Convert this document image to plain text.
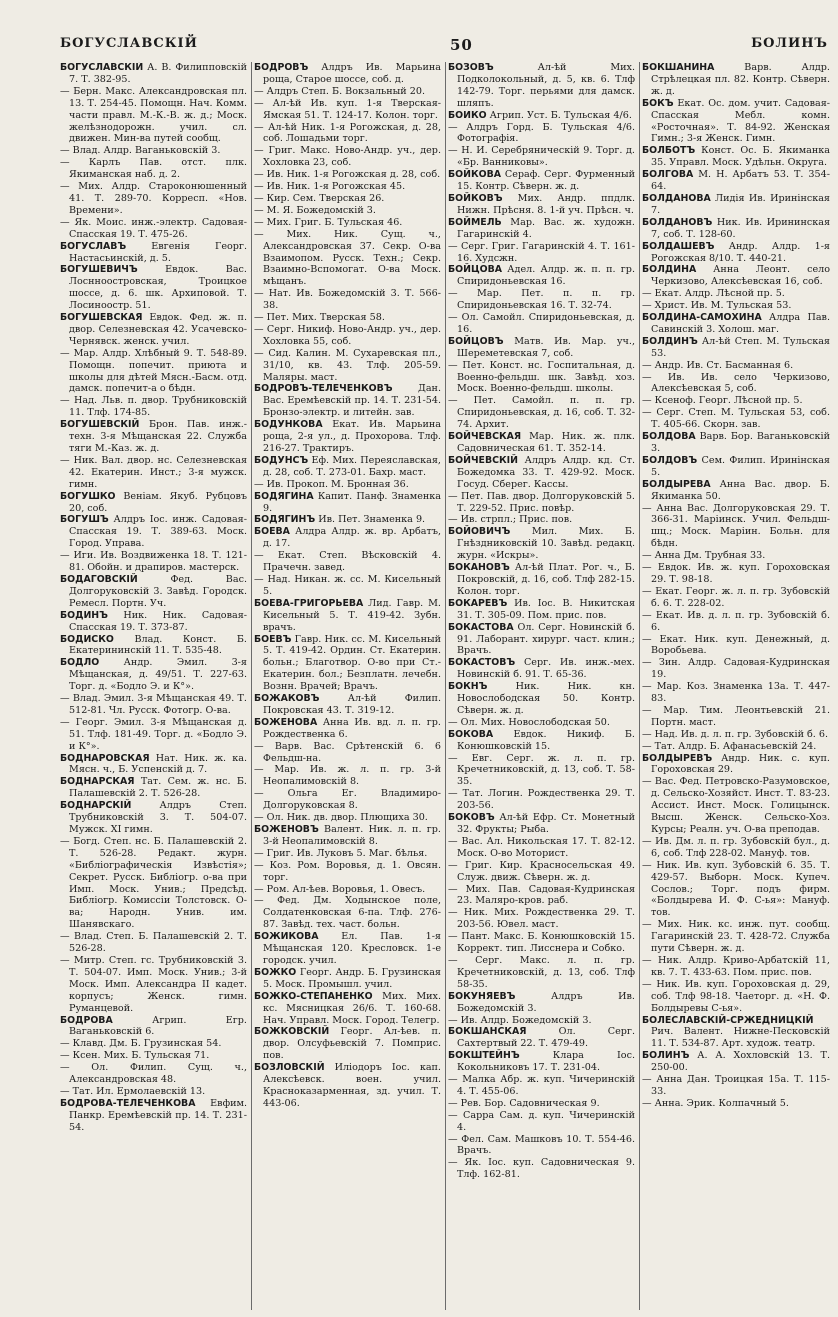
БОГУСЛАВСКІЙ	50	БОЛИНЪ

БОГУСЛАВСКІЙ А. В. Филипповскій 7. Т. 382-95.

— Берн. Макс. Александровская пл. 13. Т. 254-45. Помощн. Нач. Комм. части правл. М.-К.-В. ж. д.; Моск. желѣзнодорожн. учил. сл. движен. Мин-ва путей сообщ.

— Влад. Алдр. Ваганьковскій 3.

— Карлъ Пав. отст. плк. Якиманская наб. д. 2.

— Мих. Алдр. Староконюшенный 41. Т. 289-70. Корресп. «Нов. Времени».

— Як. Моис. инж.-электр. Садовая-Спасская 19. Т. 475-26.

БОГУСЛАВЪ	Евгенія Георг. Настасьинскій, д. 5.

БОГУШЕВИЧЪ	Евдок. Вас. Лоснноостровская, Троицкое шоссе, д. 6. шк. Архиповой. Т. Лосиноостр. 51.

БОГУШЕВСКАЯ Евдок. Фед. ж. п. двор. Селезневская 42. Усачевско-Чернявск. женск. учил.

— Мар. Алдр. Хлѣбный 9. Т. 548-89. Помощн. попечит. приюта и школы для дѣтей Мясн.-Басм. отд. дамск. попечит-а о бѣдн.

— Над. Льв. п. двор. Трубниковскій 11. Тлф. 174-85.

БОГУШЕВСКІЙ Брон. Пав. инж.-техн. 3-я Мѣщанская 22. Служба тяги М.-Каз. ж. д.

— Ник. Вал. двор. нс. Селезневская 42. Екатерин. Инст.; 3-я мужск. гимн.

БОГУШКО Веніам. Якуб. Рубцовъ 20, соб.

БОГУШЪ Алдръ Іос. инж. Садовая-Спасская 19. Т. 389-63. Моск. Город. Управа.

— Иги. Ив. Воздвиженка 18. Т. 121-81. Обойн. и драпиров. мастерск.

БОДАГОВСКІЙ	Фед. Вас. Долгоруковскій 3. Завѣд. Городск. Ремесл. Портн. Уч.

БОДИНЪ Ник. Ник. Садовая-Спасская 19. Т. 373-87.

БОДИСКО Влад. Конст. Б. Екатерининскій 11. Т. 535-48.

БОДЛО	Андр. Эмил. 3-я Мѣщанская, д. 49/51. Т. 227-63. Торг. д. «Бодло Э. и К°».

— Влад. Эмил. 3-я Мѣщанская 49. Т. 512-81. Чл. Русск. Фотогр. О-ва.

— Георг. Эмил. 3-я Мѣщанская д. 51. Тлф. 181-49. Торг. д. «Бодло Э. и К°».

БОДНАРОВСКАЯ Нат. Ник. ж. ка. Мясн. ч., Б. Успенскій д. 7.

БОДНАРСКАЯ Тат. Сем. ж. нс. Б. Палашевскій 2. Т. 526-28.

БОДНАРСКІЙ	Алдръ Степ. Трубниковскій 3. Т. 504-07. Мужск. XI гимн.

— Богд. Степ. нс. Б. Палашевскій 2. Т. 526-28. Редакт. журн. «Библіографическія Извѣстія»; Секрет. Русск. Библіогр. о-ва при Имп. Моск. Унив.; Предсѣд. Библіогр. Комиссіи Толстовск. О-ва; Народн. Унив. им. Шанявскаго.

— Влад. Степ. Б. Палашевскій 2. Т. 526-28.

— Митр. Степ. гс. Трубниковскій 3. Т. 504-07. Имп. Моск. Унив.; 3-й Моск. Имп. Александра II кадет. корпусъ; Женск. гимн. Руманцевой.

БОДРОВА	Агрип. Егр. Ваганьковскій 6.

— Клавд. Дм. Б. Грузинская 54.

— Ксен. Мих. Б. Тульская 71.

— Ол. Филип. Сущ. ч., Александровская 48.

— Тат. Ил. Ермолаевскій 13.

БОДРОВА-ТЕЛЕЧЕНКОВА Евфим. Панкр. Еремѣевскій пр. 14. Т. 231-54.

БОДРОВЪ Алдръ Ив. Марьина роща, Старое шоссе, соб. д.

— Алдръ Степ. Б. Вокзальный 20.

— Ал-ѣй Ив. куп. 1-я Тверская-Ямская 51. Т. 124-17. Колон. торг.

— Ал-ѣй Ник. 1-я Рогожская, д. 28, соб. Лошадьми торг.

— Григ. Макс. Ново-Андр. уч., дер. Хохловка 23, соб.

— Ив. Ник. 1-я Рогожская д. 28, соб.

— Ив. Ник. 1-я Рогожская 45.

— Кир. Сем. Тверская 26.

— М. Я. Божедомскій 3.

— Мих. Григ. Б. Тульская 46.

— Мих. Ник. Сущ. ч., Александровская 37. Секр. О-ва Взаимопом. Русск. Техн.; Секр. Взаимно-Вспомогат. О-ва Моск. мѣщанъ.

— Нат. Ив. Божедомскій 3. Т. 566-38.

— Пет. Мих. Тверская 58.

— Серг. Никиф. Ново-Андр. уч., дер. Хохловка 55, соб.

— Сид. Калин. М. Сухаревская пл., 31/10, кв. 43. Тлф. 205-59. Маляры. маст.

БОДРОВЪ-ТЕЛЕЧЕНКОВЪ	Дан. Вас. Еремѣевскій пр. 14. Т. 231-54. Бронзо-электр. и литейн. зав.

БОДУНКОВА Екат. Ив. Марьина роща, 2-я ул., д. Прохорова. Тлф. 216-27. Трактиръ.

БОДУНСЪ Еф. Мих. Переяславская, д. 28, соб. Т. 273-01. Бахр. маст.

— Ив. Прокоп. М. Бронная 36.

БОДЯГИНА Капит. Панф. Знаменка 9.

БОДЯГИНЪ Ив. Пет. Знаменка 9.

БОЕВА Алдра Алдр. ж. вр. Арбатъ, д. 17.

— Екат. Степ. Вѣсковскій 4. Прачечн. завед.

— Над. Никан. ж. сс. М. Кисельный 5.

БОЕВА-ГРИГОРЬЕВА Лид. Гавр. М. Кисельный 5. Т. 419-42. Зубн. врачъ.

БОЕВЪ Гавр. Ник. сс. М. Кисельный 5. Т. 419-42. Ордин. Ст. Екатерин. больн.; Благотвор. О-во при Ст.-Екатерин. бол.; Безплатн. лечебн. Вознн. Врачей; Врачъ.

БОЖАКОВЪ	Ал-ѣй Филип. Покровская 43. Т. 319-12.

БОЖЕНОВА Анна Ив. вд. л. п. гр. Рождественка 6.

— Варв. Вас. Срѣтенскій 6. 6 Фельдш-на.

— Мар. Ив. ж. л. п. гр. 3-й Неопалимовскій 8.

— Ольга Ег. Владимиро-Долгоруковская 8.

— Ол. Ник. дв. двор. Плющиха 30.

БОЖЕНОВЪ Валент. Ник. л. п. гр. 3-й Неопалимовскій 8.

— Григ. Ив. Луковъ 5. Маг. бѣлья.

— Коз. Ром. Воровья, д. 1. Овсян. торг.

— Ром. Ал-ѣев. Воровья, 1. Овесъ.

— Фед. Дм. Ходынское поле, Солдатенковская 6-па. Тлф. 276-87. Завѣд. тех. част. больн.

БОЖИКОВА Ел. Пав. 1-я Мѣщанская 120. Кресловск. 1-е городск. учил.

БОЖКО Георг. Андр. Б. Грузинская 5. Моск. Промышл. учил.

БОЖКО-СТЕПАНЕНКО Мих. Мих. кс. Мясницкая 26/6. Т. 160-68. Нач. Управл. Моск. Город. Телегр.

БОЖКОВСКІЙ Георг. Ал-ѣев. п. двор. Олсуфьевскій 7. Помприс. пов.

БОЗЛОВСКІЙ Иліодоръ Іос. кап. Алексѣевск. воен. учил. Красноказарменная, зд. учил. Т. 443-06.

БОЗОВЪ	Ал-ѣй Мих. Подколокольный, д. 5, кв. 6. Тлф 142-79. Торг. перьями для дамск. шляпъ.

БОИКО Агрип. Уст. Б. Тульская 4/6.

— Алдръ Горд. Б. Тульская 4/6. Фотографія.

— Н. И. Серебряническій 9. Торг. д. «Бр. Ванниковы».

БОЙКОВА Сераф. Серг. Фурменный 15. Контр. Сѣверн. ж. д.

БОЙКОВЪ Мих. Андр. ппдлк. Нижн. Прѣсня. 8. 1-й уч. Прѣсн. ч.

БОЙМЕЛЬ Мар. Вас. ж. художн. Гагаринскій 4.

— Серг. Григ. Гагаринскій 4. Т. 161-16. Худсжн.

БОЙЦОВА Адел. Алдр. ж. п. п. гр. Спиридоньевская 16.

— Мар. Пет. п. п. гр. Спиридоньевская 16. Т. 32-74.

— Ол. Самойл. Спиридоньевская, д. 16.

БОЙЦОВЪ Матв. Ив. Мар. уч., Шереметевская 7, соб.

— Пет. Конст. нс. Госпитальная, д. Военно-фельдш. шк. Завѣд. хоз. Моск. Военно-фельдш. школы.

— Пет. Самойл. п. п. гр. Спиридоньевская, д. 16, соб. Т. 32-74. Архит.

БОЙЧЕВСКАЯ Мар. Ник. ж. плк. Садовническая 61. Т. 352-14.

БОЙЧЕВСКІЙ Алдръ Алдр. кд. Ст. Божедомка 33. Т. 429-92. Моск. Госуд. Сберег. Кассы.

— Пет. Пав. двор. Долгоруковскій 5. Т. 229-52. Прис. повѣр.

— Ив. стрпл.; Прис. пов.

БОЙОВИЧЪ Мил. Мих. Б. Гнѣздниковскій 10. Завѣд. редакц. журн. «Искры».

БОКАНОВЪ Ал-ѣй Плат. Рог. ч., Б. Покровскій, д. 16, соб. Тлф 282-15. Колон. торг.

БОКАРЕВЪ Ив. Іос. В. Никитская 31. Т. 305-09. Пом. прис. пов.

БОКАСТОВА Ол. Серг. Новинскій б. 91. Лаборант. хирург. част. клин.; Врачъ.

БОКАСТОВЪ Серг. Ив. инж.-мех. Новинскій б. 91. Т. 65-36.

БОКНЪ	Ник. Ник. кн. Новослободская 50. Контр. Сѣверн. ж. д.

— Ол. Мих. Новослободская 50.

БОКОВА Евдок. Никиф. Б. Конюшковскій 15.

— Евг. Серг. ж. л. п. гр. Кречетниковскій, д. 13, соб. Т. 58-35.

— Тат. Логин. Рождественка 29. Т. 203-56.

БОКОВЪ Ал-ѣй Ефр. Ст. Монетный 32. Фрукты; Рыба.

— Вас. Ал. Никольская 17. Т. 82-12. Моск. О-во Моторист.

— Григ. Кир. Красносельская 49. Служ. движ. Сѣверн. ж. д.

— Мих. Пав. Садовая-Кудринская 23. Маляро-кров. раб.

— Ник. Мих. Рождественка 29. Т. 203-56. Ювел. маст.

— Пант. Макс. Б. Конюшковскій 15. Коррект. тип. Лисснерa и Собко.

— Серг. Макс. л. п. гр. Кречетниковскій, д. 13, соб. Тлф 58-35.

БОКУНЯЕВЪ	Алдръ Ив. Божедомскій 3.

— Ив. Алдр. Божедомскій 3.

БОКШАНСКАЯ	Ол. Серг. Сахтертвый 22. Т. 479-49.

БОКШТЕЙНЪ	Клара Іос. Кокольниковъ 17. Т. 231-04.

— Малка Абр. ж. куп. Чичеринскій 4. Т. 455-06.

— Рев. Бор. Садовническая 9.

— Сарра Сам. д. куп. Чичеринскій 4.

— Фел. Сам. Машковъ 10. Т. 554-46. Врачъ.

— Як. Іос. куп. Садовническая 9. Тлф. 162-81.

БОКШАНИНА	Варв. Алдр. Стрѣлецкая пл. 82. Контр. Сѣверн. ж. д.

БОКЪ Екат. Ос. дом. учит. Садовая-Спасская Мебл. комн. «Росточная». Т. 84-92. Женская Гимн.; 3-я Женск. Гимн.

БОЛБОТЪ Конст. Ос. Б. Якиманка 35. Управл. Моск. Удѣльн. Округа.

БОЛГОВА М. Н. Арбатъ 53. Т. 354-64.

БОЛДАНОВА Лидія Ив. Иринінская 7.

БОЛДАНОВЪ Ник. Ив. Ирининская 7, соб. Т. 128-60.

БОЛДАШЕВЪ Андр. Алдр. 1-я Рогожская 8/10. Т. 440-21.

БОЛДИНА Анна Леонт. село Черкизово, Алексѣевская 16, соб.

— Екат. Алдр. Лѣсной пр. 5.

— Христ. Ив. М. Тульская 53.

БОЛДИНА-САМОХИНА Алдра Пав. Савинскій 3. Холош. маг.

БОЛДИНЪ Ал-ѣй Степ. М. Тульская 53.

— Андр. Ив. Ст. Басманная 6.

— Ив. Ив. село Черкизово, Алексѣевская 5, соб.

— Ксеноф. Георг. Лѣсной пр. 5.

— Серг. Степ. М. Тульская 53, соб. Т. 405-66. Скорн. зав.

БОЛДОВА Варв. Бор. Ваганьковскій 3.

БОЛДОВЪ Сем. Филип. Иринінская 5.

БОЛДЫРЕВА Анна Вас. двор. Б. Якиманка 50.

— Анна Вас. Долгоруковская 29. Т. 366-31. Маріинск. Учил. Фельдш-шц.; Моск. Маріин. Больн. для бѣдн.

— Анна Дм. Трубная 33.

— Евдок. Ив. ж. куп. Гороховская 29. Т. 98-18.

— Екат. Георг. ж. л. п. гр. Зубовскій б. 6. Т. 228-02.

— Екат. Ив. д. л. п. гр. Зубовскій б. 6.

— Екат. Ник. куп. Денежный, д. Воробьева.

— Зин. Алдр. Садовая-Кудринская 19.

— Мар. Коз. Знаменка 13а. Т. 447-83.

— Мар. Тим. Леонтьевскій 21. Портн. маст.

— Над. Ив. д. л. п. гр. Зубовскій б. 6.

— Тат. Алдр. Б. Афанасьевскій 24.

БОЛДЫРЕВЪ Андр. Ник. с. куп. Гороховская 29.

— Вас. Фед. Петровско-Разумовское, д. Сельско-Хозяйст. Инст. Т. 83-23. Ассист. Инст. Моск. Голицынск. Высш. Женск. Сельско-Хоз. Курсы; Реалн. уч. О-ва преподав.

— Ив. Дм. л. п. гр. Зубовскій бул., д. 6, соб. Тлф 228-02. Мануф. тов.

— Ник. Ив. куп. Зубовскій 6. 35. Т. 429-57. Выборн. Моск. Купеч. Сослов.; Торг. подъ фирм. «Болдырева И. Ф. С-ья»: Мануф. тов.

— Мих. Ник. кс. инж. пут. сообщ. Гагаринскій 23. Т. 428-72. Служба пути Сѣверн. ж. д.

— Ник. Алдр. Криво-Арбатскій 11, кв. 7. Т. 433-63. Пом. прис. пов.

— Ник. Ив. куп. Гороховская д. 29, соб. Тлф 98-18. Чаеторг. д. «Н. Ф. Болдыревы С-ья».

БОЛЕСЛАВСКІЙ-СРЖЕДНИЦКІЙ Рич. Валент. Нижне-Песковскій 11. Т. 534-87. Арт. худож. театр.

БОЛИНЪ А. А. Хохловскій 13. Т. 250-00.

— Анна Дан. Троицкая 15а. Т. 115-33.

— Анна. Эрик. Колпачный 5.
